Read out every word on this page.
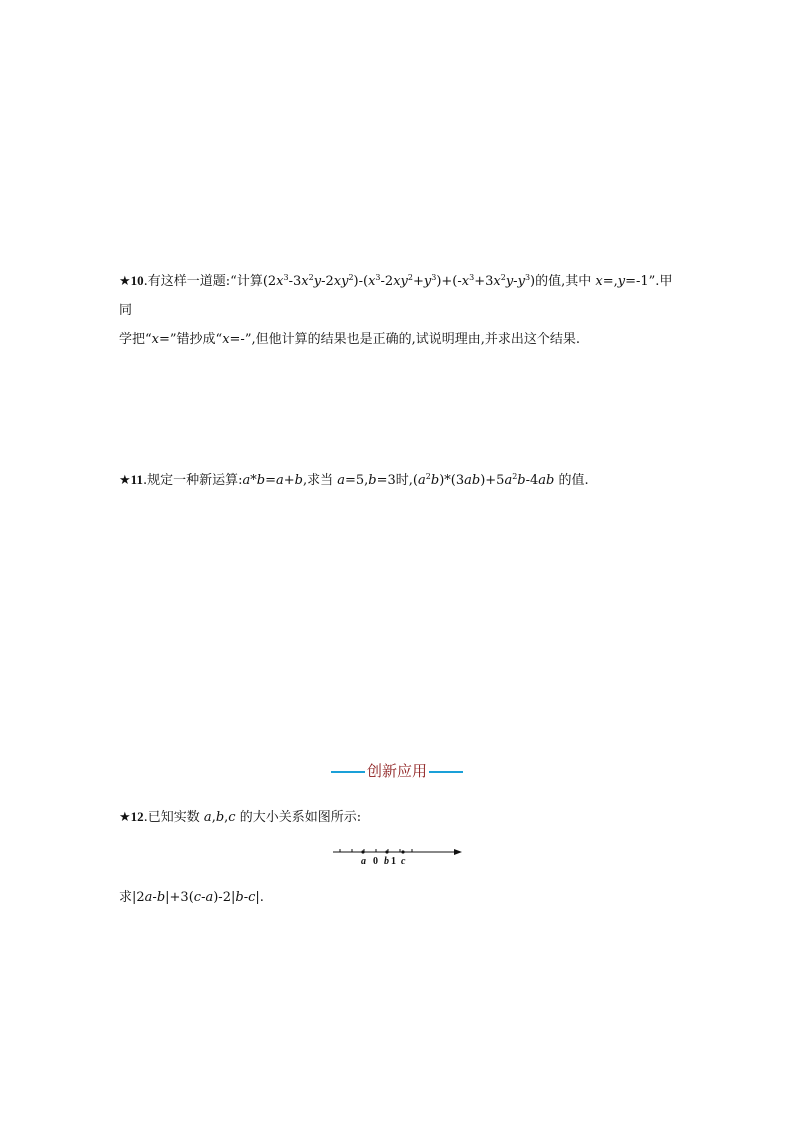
★10.有这样一道题:“计算$(2x^3-3x^2y-2xy^2)-(x^3-2xy^2+y^3)+(-x^3+3x^2y-y^3)$的值,其中 x=,y=-1”.甲同
学把“x=”错抄成“x=-”,但他计算的结果也是正确的,试说明理由,并求出这个结果.
★11.规定一种新运算:a*b=a+b,求当 a=5,b=3时$,(a^2b)*(3ab)+5a^2b-4ab$ 的值.
创新应用
★12.已知实数 a,b,c 的大小关系如图所示:
a 0 b 1 c
求|2a-b|+3(c-a)-2|b-c|.
